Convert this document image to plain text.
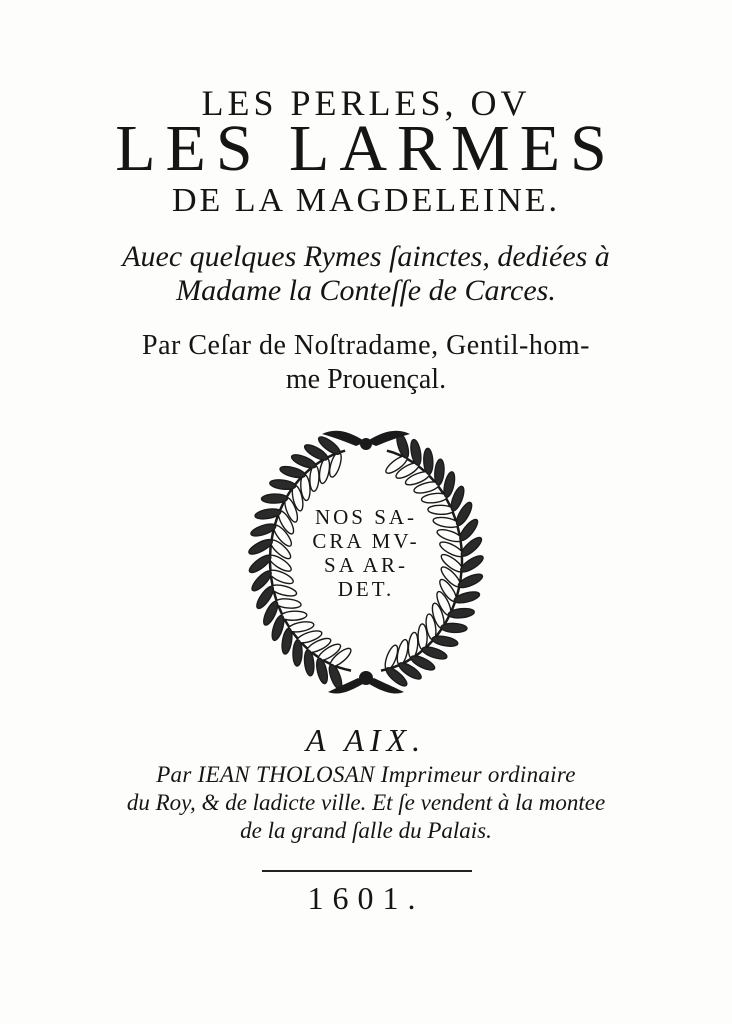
LES PERLES, OV
LES LARMES
DE LA MAGDELEINE.
Auec quelques Rymes ſainctes, dediées à
Madame la Conteſſe de Carces.
Par Ceſar de Noſtradame, Gentil-hom-
me Prouençal.
NOS SA-
CRA MV-
SA AR-
DET.
A AIX.
Par IEAN THOLOSAN Imprimeur ordinaire
du Roy, & de ladicte ville. Et ſe vendent à la montee
de la grand ſalle du Palais.
1601.
